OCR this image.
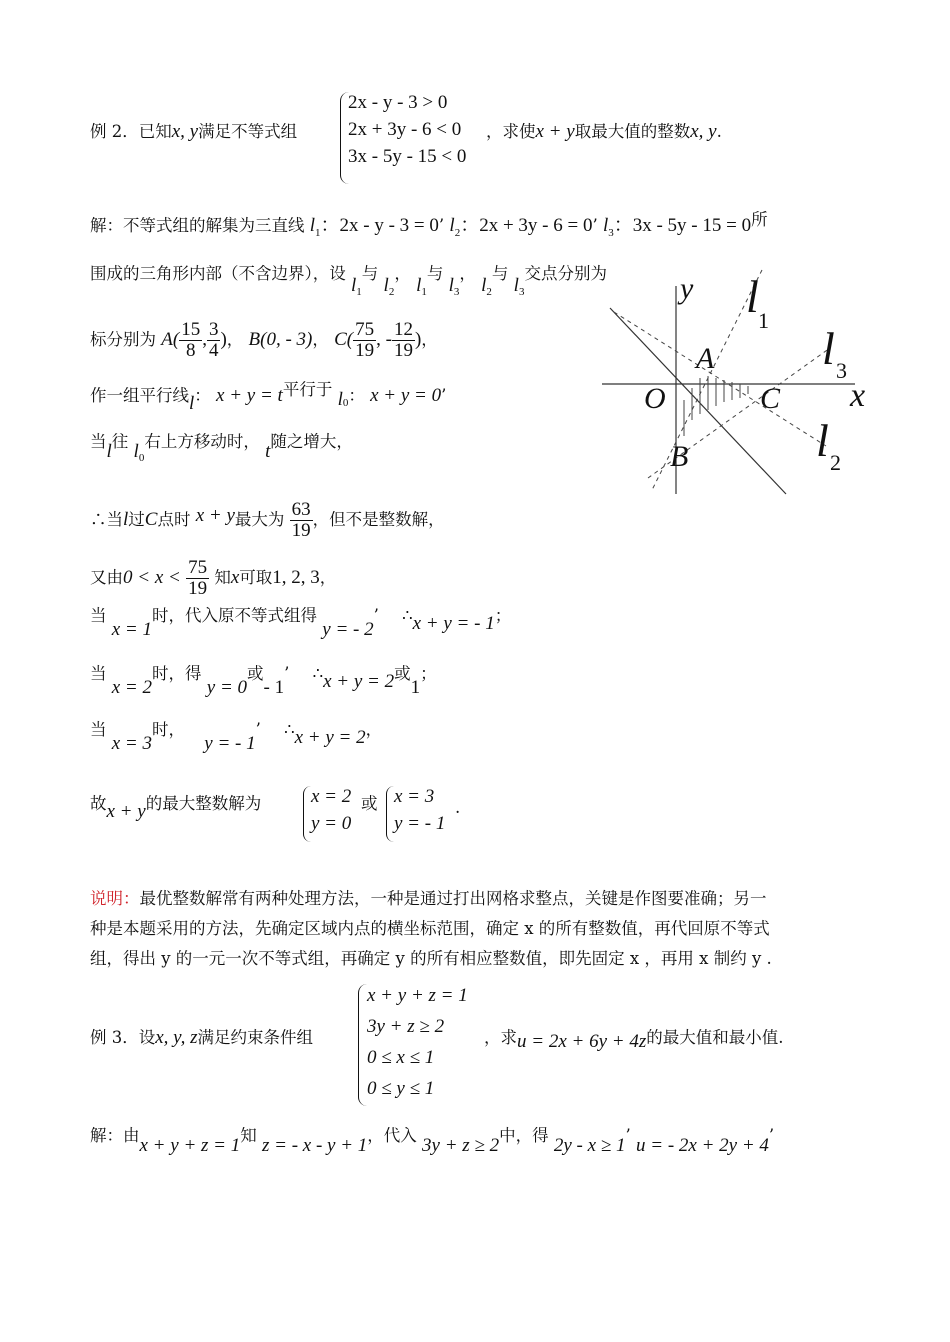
例 2．已知x, y满足不等式组
2x - y - 3 > 0
2x + 3y - 6 < 0
3x - 5y - 15 < 0
，求使x + y取最大值的整数x, y.
解：不等式组的解集为三直线 $l_1$：2x - y - 3 = 0’ $l_2$：2x + 3y - 6 = 0’ $l_3$：3x - 5y - 15 = 0所
围成的三角形内部（不含边界），设 $l_1$与 $l_2$， $l_1$与 $l_3$， $l_2$与 $l_3$交点分别为
标分别为 $A( \frac{15}{8}$ , $\frac{3}{4}$ )， B(0, - 3)， $C( \frac{75}{19}$ , - $\frac{12}{19}$ )，
作一组平行线l： x + y = t平行于 $l_0$： x + y = 0’
当l往 $l_0$右上方移动时， t随之增大，
∴当l过C点时 x + y最大为 $\frac{63}{19}$ ，但不是整数解，
又由$0 < x < \frac{75}{19}$ 知x可取1, 2, 3，
当 x = 1时，代入原不等式组得 y = - 2’ ∴x + y = - 1；
当 x = 2时，得 y = 0或- 1’ ∴x + y = 2或1；
当 x = 3时， y = - 1’ ∴x + y = 2，
故x + y的最大整数解为	x = 2
y = 0
或 x = 3
y = - 1
.
说明：最优整数解常有两种处理方法，一种是通过打出网格求整点，关键是作图要准确；另一
种是本题采用的方法，先确定区域内点的横坐标范围，确定 x 的所有整数值，再代回原不等式
组，得出 y 的一元一次不等式组，再确定 y 的所有相应整数值，即先固定 x ，再用 x 制约 y .
例 3．设x, y, z满足约束条件组
x + y + z = 1
3y + z ≥ 2
0 ≤ x ≤ 1
0 ≤ y ≤ 1
，求u = 2x + 6y + 4z的最大值和最小值.
解：由x + y + z = 1知 z = - x - y + 1，代入 3y + z ≥ 2中，得 2y - x ≥ 1’ u = - 2x + 2y + 4’
y
x
O
A
B
C
l 1
l 3
l 2
